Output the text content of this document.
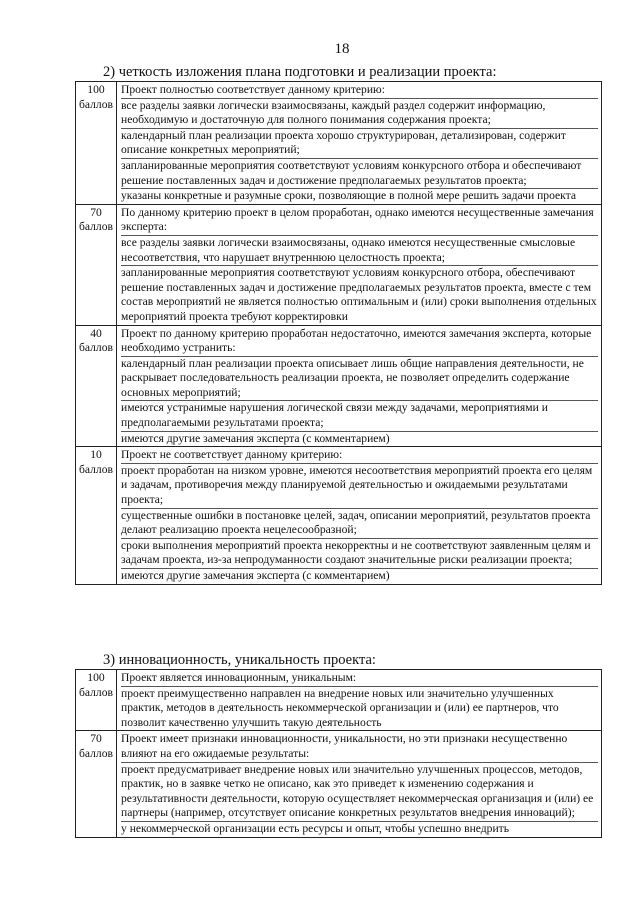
18
2) четкость изложения плана подготовки и реализации проекта:
100
баллов	Проект полностью соответствует данному критерию:
все разделы заявки логически взаимосвязаны, каждый раздел содержит информацию, необходимую и достаточную для полного понимания содержания проекта;
календарный план реализации проекта хорошо структурирован, детализирован, содержит описание конкретных мероприятий;
запланированные мероприятия соответствуют условиям конкурсного отбора и обеспечивают решение поставленных задач и достижение предполагаемых результатов проекта;
указаны конкретные и разумные сроки, позволяющие в полной мере решить задачи проекта

70
баллов	По данному критерию проект в целом проработан, однако имеются несущественные замечания эксперта:
все разделы заявки логически взаимосвязаны, однако имеются несущественные смысловые несоответствия, что нарушает внутреннюю целостность проекта;
запланированные мероприятия соответствуют условиям конкурсного отбора, обеспечивают решение поставленных задач и достижение предполагаемых результатов проекта, вместе с тем состав мероприятий не является полностью оптимальным и (или) сроки выполнения отдельных мероприятий проекта требуют корректировки

40
баллов	Проект по данному критерию проработан недостаточно, имеются замечания эксперта, которые необходимо устранить:
календарный план реализации проекта описывает лишь общие направления деятельности, не раскрывает последовательность реализации проекта, не позволяет определить содержание основных мероприятий;
имеются устранимые нарушения логической связи между задачами, мероприятиями и предполагаемыми результатами проекта;
имеются другие замечания эксперта (с комментарием)

10
баллов	Проект не соответствует данному критерию:
проект проработан на низком уровне, имеются несоответствия мероприятий проекта его целям и задачам, противоречия между планируемой деятельностью и ожидаемыми результатами проекта;
существенные ошибки в постановке целей, задач, описании мероприятий, результатов проекта делают реализацию проекта нецелесообразной;
сроки выполнения мероприятий проекта некорректны и не соответствуют заявленным целям и задачам проекта, из-за непродуманности создают значительные риски реализации проекта;
имеются другие замечания эксперта (с комментарием)
3) инновационность, уникальность проекта:
100
баллов	Проект является инновационным, уникальным:
проект преимущественно направлен на внедрение новых или значительно улучшенных практик, методов в деятельность некоммерческой организации и (или) ее партнеров, что позволит качественно улучшить такую деятельность

70
баллов	Проект имеет признаки инновационности, уникальности, но эти признаки несущественно влияют на его ожидаемые результаты:
проект предусматривает внедрение новых или значительно улучшенных процессов, методов, практик, но в заявке четко не описано, как это приведет к изменению содержания и результативности деятельности, которую осуществляет некоммерческая организация и (или) ее партнеры (например, отсутствует описание конкретных результатов внедрения инноваций);
у некоммерческой организации есть ресурсы и опыт, чтобы успешно внедрить
